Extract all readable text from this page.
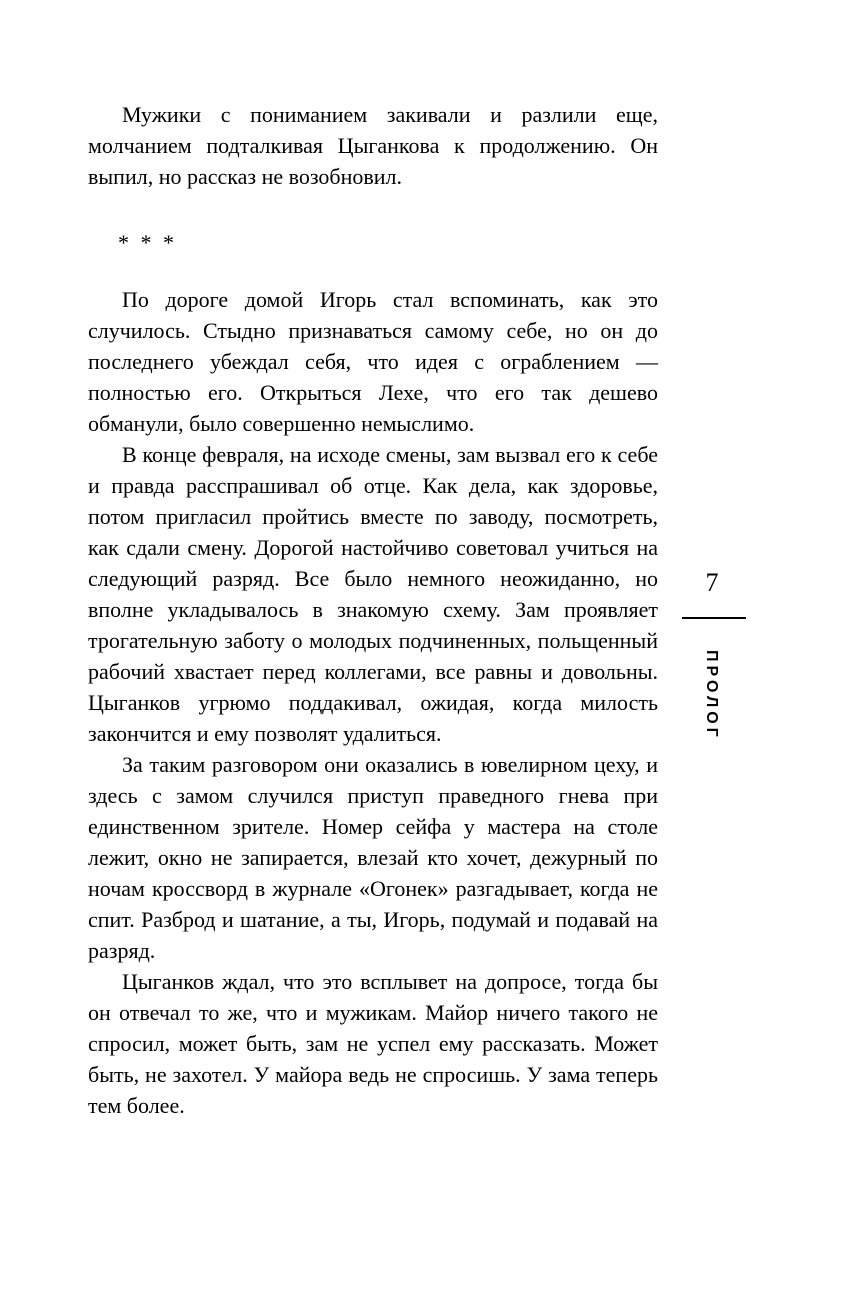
Мужики с пониманием закивали и разлили еще, молчанием подталкивая Цыганкова к продолжению. Он выпил, но рассказ не возобновил.

* * *

По дороге домой Игорь стал вспоминать, как это случилось. Стыдно признаваться самому себе, но он до последнего убеждал себя, что идея с ограблением — полностью его. Открыться Лехе, что его так дешево обманули, было совершенно немыслимо.

В конце февраля, на исходе смены, зам вызвал его к себе и правда расспрашивал об отце. Как дела, как здоровье, потом пригласил пройтись вместе по заводу, посмотреть, как сдали смену. Дорогой настойчиво советовал учиться на следующий разряд. Все было немного неожиданно, но вполне укладывалось в знакомую схему. Зам проявляет трогательную заботу о молодых подчиненных, польщенный рабочий хвастает перед коллегами, все равны и довольны. Цыганков угрюмо поддакивал, ожидая, когда милость закончится и ему позволят удалиться.

За таким разговором они оказались в ювелирном цеху, и здесь с замом случился приступ праведного гнева при единственном зрителе. Номер сейфа у мастера на столе лежит, окно не запирается, влезай кто хочет, дежурный по ночам кроссворд в журнале «Огонек» разгадывает, когда не спит. Разброд и шатание, а ты, Игорь, подумай и подавай на разряд.

Цыганков ждал, что это всплывет на допросе, тогда бы он отвечал то же, что и мужикам. Майор ничего такого не спросил, может быть, зам не успел ему рассказать. Может быть, не захотел. У майора ведь не спросишь. У зама теперь тем более.

7
ПРОЛОГ
